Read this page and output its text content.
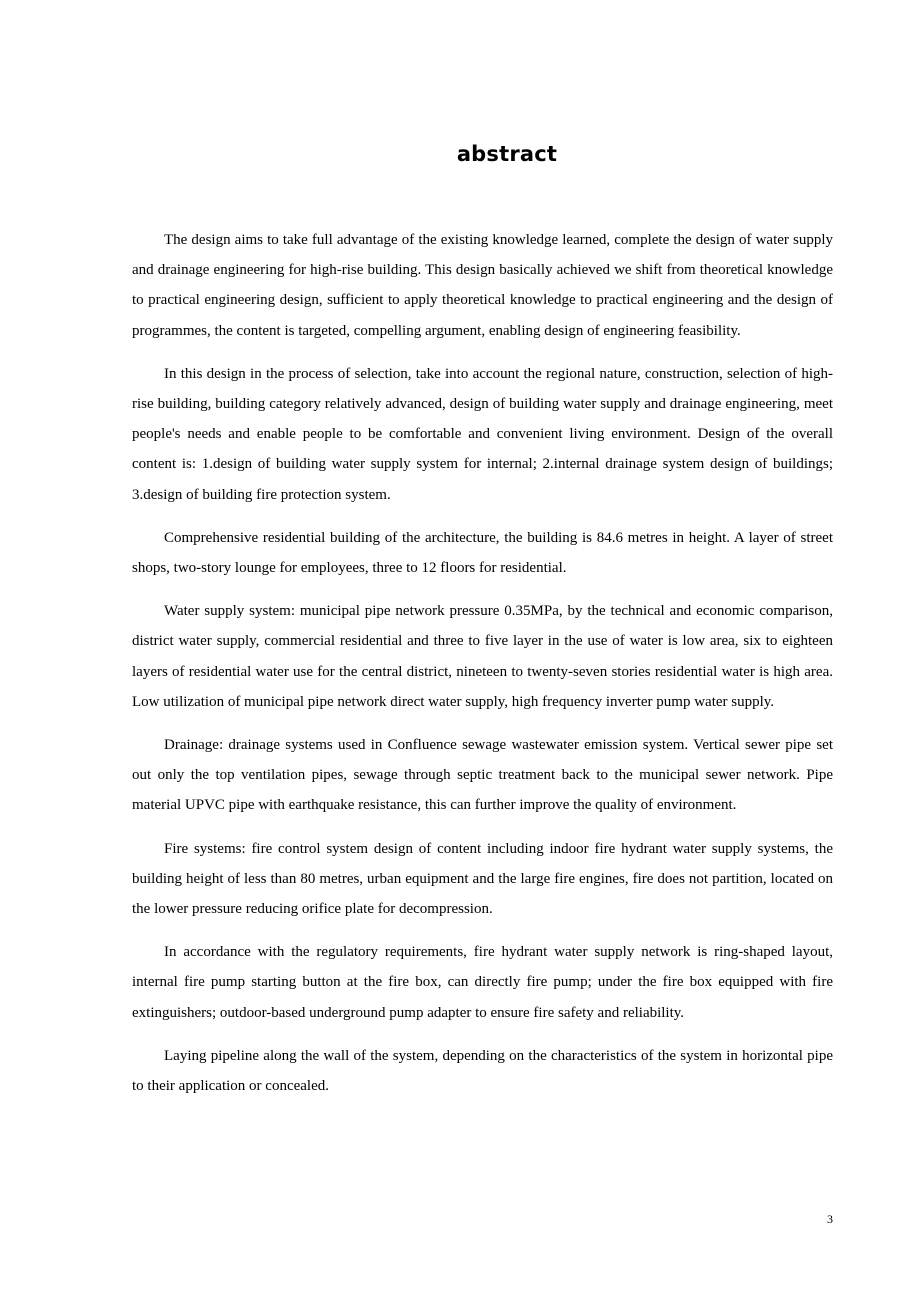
abstract

The design aims to take full advantage of the existing knowledge learned, complete the design of water supply and drainage engineering for high-rise building. This design basically achieved we shift from theoretical knowledge to practical engineering design, sufficient to apply theoretical knowledge to practical engineering and the design of programmes, the content is targeted, compelling argument, enabling design of engineering feasibility.

In this design in the process of selection, take into account the regional nature, construction, selection of high-rise building, building category relatively advanced, design of building water supply and drainage engineering, meet people's needs and enable people to be comfortable and convenient living environment. Design of the overall content is: 1.design of building water supply system for internal; 2.internal drainage system design of buildings; 3.design of building fire protection system.

Comprehensive residential building of the architecture, the building is 84.6 metres in height. A layer of street shops, two-story lounge for employees, three to 12 floors for residential.

Water supply system: municipal pipe network pressure 0.35MPa, by the technical and economic comparison, district water supply, commercial residential and three to five layer in the use of water is low area, six to eighteen layers of residential water use for the central district, nineteen to twenty-seven stories residential water is high area. Low utilization of municipal pipe network direct water supply, high frequency inverter pump water supply.

Drainage: drainage systems used in Confluence sewage wastewater emission system. Vertical sewer pipe set out only the top ventilation pipes, sewage through septic treatment back to the municipal sewer network. Pipe material UPVC pipe with earthquake resistance, this can further improve the quality of environment.

Fire systems: fire control system design of content including indoor fire hydrant water supply systems, the building height of less than 80 metres, urban equipment and the large fire engines, fire does not partition, located on the lower pressure reducing orifice plate for decompression.

In accordance with the regulatory requirements, fire hydrant water supply network is ring-shaped layout, internal fire pump starting button at the fire box, can directly fire pump; under the fire box equipped with fire extinguishers; outdoor-based underground pump adapter to ensure fire safety and reliability.

Laying pipeline along the wall of the system, depending on the characteristics of the system in horizontal pipe to their application or concealed.

3
